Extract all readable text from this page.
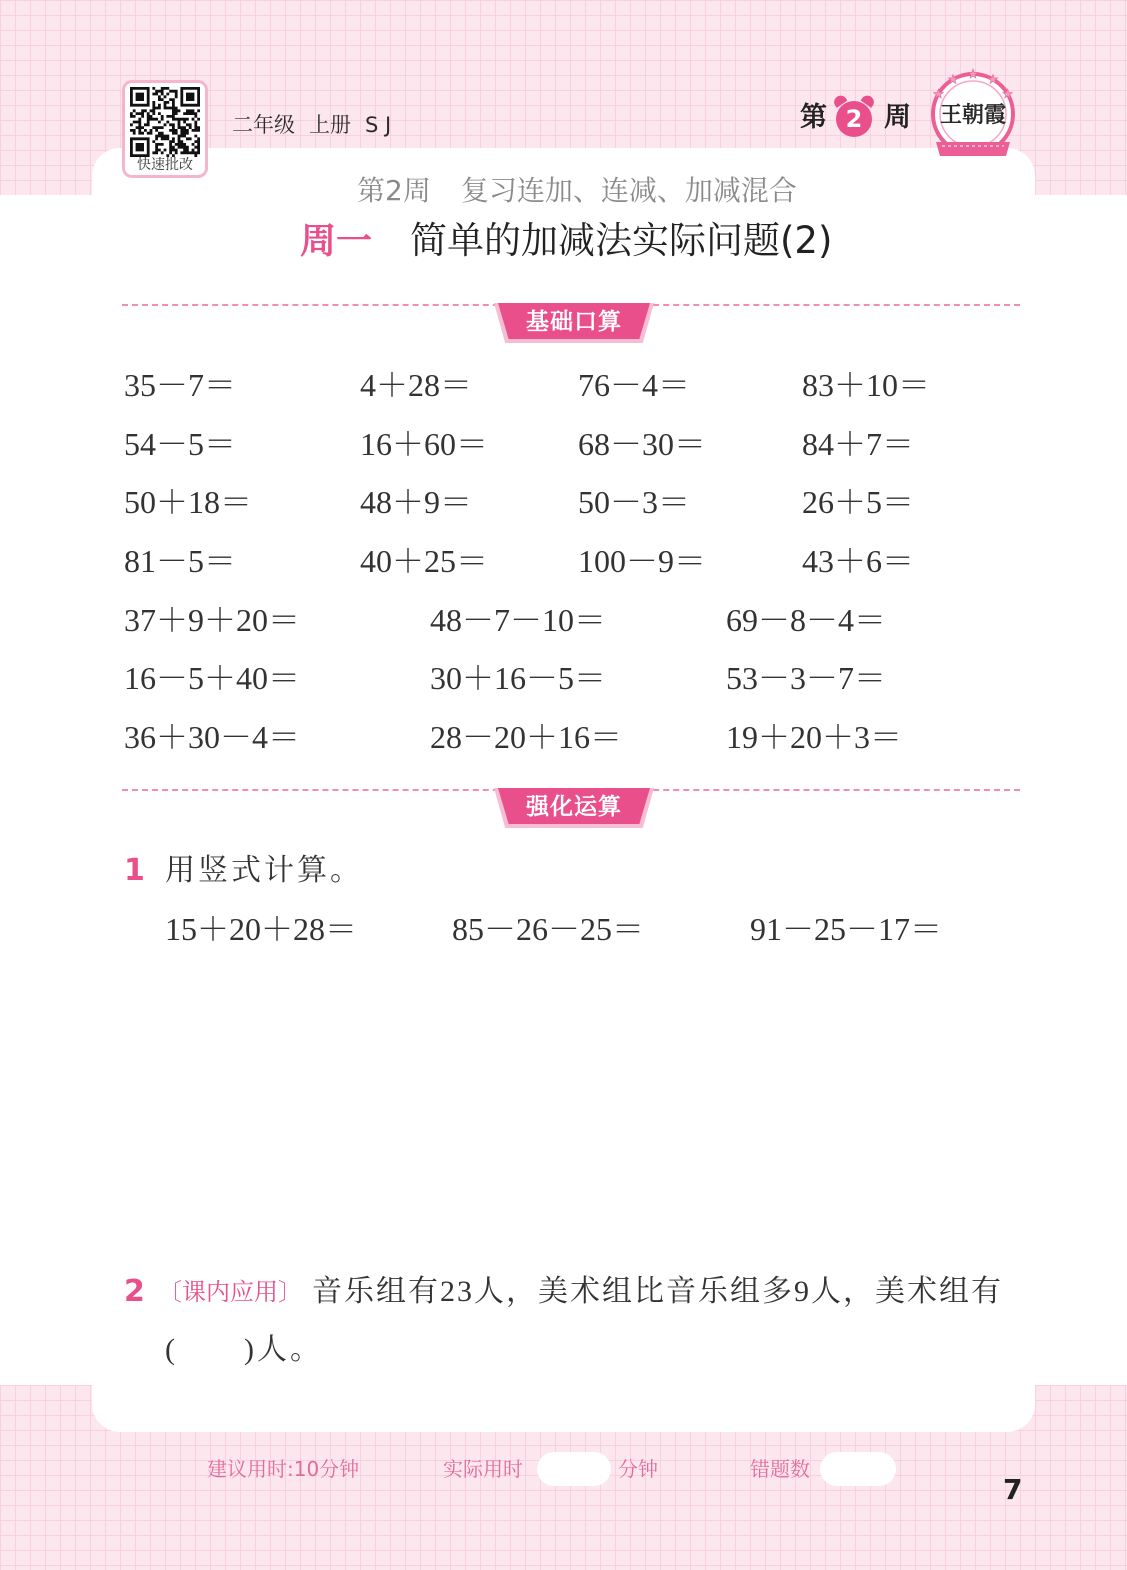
快速批改
二年级 上册 S J	第 2 周 王朝霞
第2周 复习连加、连减、加减混合
周一 简单的加减法实际问题(2)
基础口算
35－7＝	4＋28＝	76－4＝	83＋10＝
54－5＝	16＋60＝	68－30＝	84＋7＝
50＋18＝	48＋9＝	50－3＝	26＋5＝
81－5＝	40＋25＝	100－9＝	43＋6＝
37＋9＋20＝	48－7－10＝	69－8－4＝
16－5＋40＝	30＋16－5＝	53－3－7＝
36＋30－4＝	28－20＋16＝	19＋20＋3＝
强化运算
1 用竖式计算。
15＋20＋28＝	85－26－25＝	91－25－17＝
2 〔课内应用〕 音乐组有23人，美术组比音乐组多9人，美术组有
(　　)人。
建议用时:10分钟	实际用时	分钟	错题数
7
